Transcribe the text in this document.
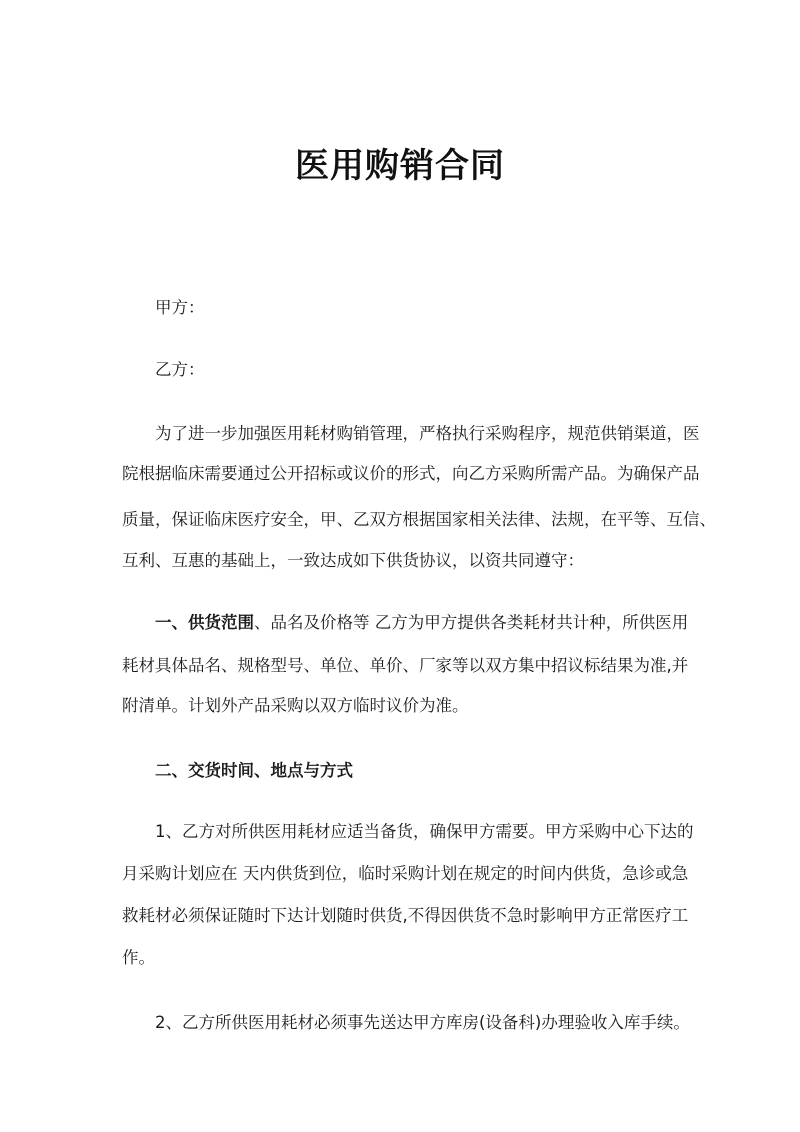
医用购销合同
甲方：
乙方：
为了进一步加强医用耗材购销管理，严格执行采购程序，规范供销渠道，医
院根据临床需要通过公开招标或议价的形式，向乙方采购所需产品。为确保产品
质量，保证临床医疗安全，甲、乙双方根据国家相关法律、法规，在平等、互信、
互利、互惠的基础上，一致达成如下供货协议，以资共同遵守：
一、供货范围、品名及价格等 乙方为甲方提供各类耗材共计种，所供医用
耗材具体品名、规格型号、单位、单价、厂家等以双方集中招议标结果为准,并
附清单。计划外产品采购以双方临时议价为准。
二、交货时间、地点与方式
1、乙方对所供医用耗材应适当备货，确保甲方需要。甲方采购中心下达的
月采购计划应在 天内供货到位，临时采购计划在规定的时间内供货，急诊或急
救耗材必须保证随时下达计划随时供货,不得因供货不急时影响甲方正常医疗工
作。
2、乙方所供医用耗材必须事先送达甲方库房(设备科)办理验收入库手续。
